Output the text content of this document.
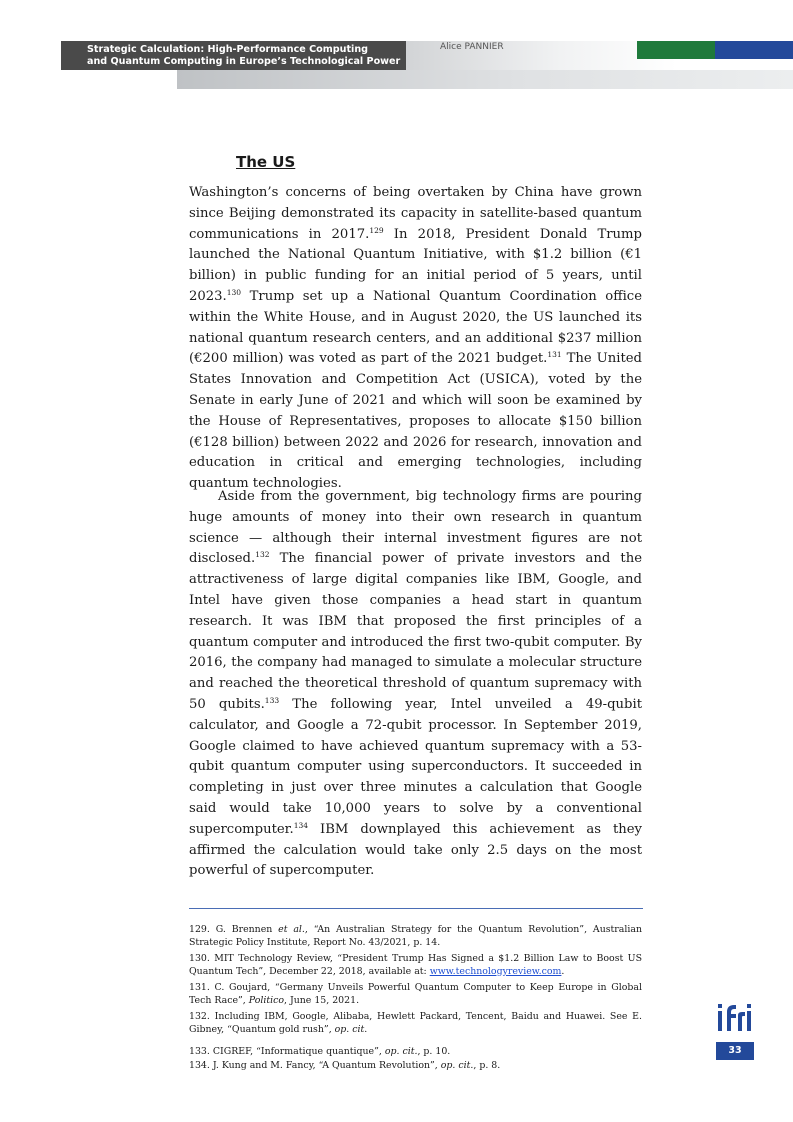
Strategic Calculation: High-Performance Computing
and Quantum Computing in Europe’s Technological Power
Alice PANNIER
The US

Washington’s concerns of being overtaken by China have grown since Beijing demonstrated its capacity in satellite-based quantum communications in 2017.$^{129}$ In 2018, President Donald Trump launched the National Quantum Initiative, with $1.2 billion (€1 billion) in public funding for an initial period of 5 years, until 2023.$^{130}$ Trump set up a National Quantum Coordination office within the White House, and in August 2020, the US launched its national quantum research centers, and an additional $237 million (€200 million) was voted as part of the 2021 budget.$^{131}$ The United States Innovation and Competition Act (USICA), voted by the Senate in early June of 2021 and which will soon be examined by the House of Representatives, proposes to allocate $150 billion (€128 billion) between 2022 and 2026 for research, innovation and education in critical and emerging technologies, including quantum technologies.

Aside from the government, big technology firms are pouring huge amounts of money into their own research in quantum science — although their internal investment figures are not disclosed.$^{132}$ The financial power of private investors and the attractiveness of large digital companies like IBM, Google, and Intel have given those companies a head start in quantum research. It was IBM that proposed the first principles of a quantum computer and introduced the first two-qubit computer. By 2016, the company had managed to simulate a molecular structure and reached the theoretical threshold of quantum supremacy with 50 qubits.$^{133}$ The following year, Intel unveiled a 49-qubit calculator, and Google a 72-qubit processor. In September 2019, Google claimed to have achieved quantum supremacy with a 53-qubit quantum computer using superconductors. It succeeded in completing in just over three minutes a calculation that Google said would take 10,000 years to solve by a conventional supercomputer.$^{134}$ IBM downplayed this achievement as they affirmed the calculation would take only 2.5 days on the most powerful of supercomputer.

129. G. Brennen et al., “An Australian Strategy for the Quantum Revolution”, Australian Strategic Policy Institute, Report No. 43/2021, p. 14.

130. MIT Technology Review, “President Trump Has Signed a $1.2 Billion Law to Boost US Quantum Tech”, December 22, 2018, available at: www.technologyreview.com.

131. C. Goujard, “Germany Unveils Powerful Quantum Computer to Keep Europe in Global Tech Race”, Politico, June 15, 2021.

132. Including IBM, Google, Alibaba, Hewlett Packard, Tencent, Baidu and Huawei. See E. Gibney, “Quantum gold rush”, op. cit.

133. CIGREF, “Informatique quantique”, op. cit., p. 10.

134. J. Kung and M. Fancy, “A Quantum Revolution”, op. cit., p. 8.

33
